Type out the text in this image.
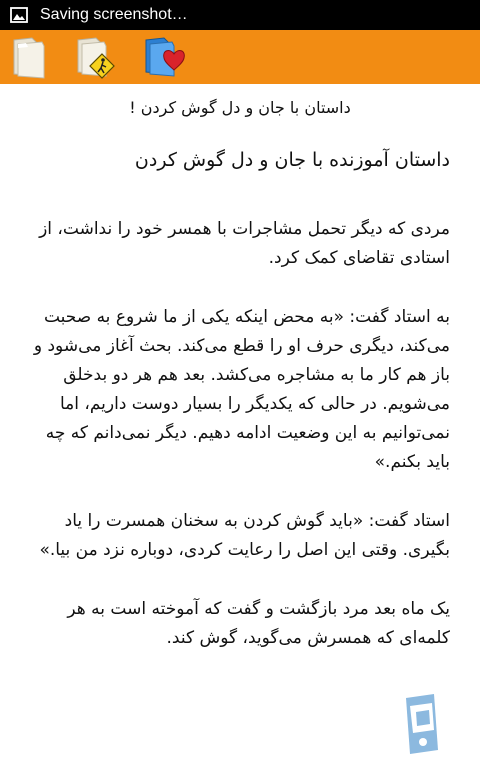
Saving screenshot…
داستان با جان و دل گوش کردن !
داستان آموزنده با جان و دل گوش کردن

مردی که دیگر تحمل مشاجرات با همسر خود را نداشت، از استادی تقاضای کمک کرد.

به استاد گفت: «به محض اینکه یکی از ما شروع به صحبت می‌کند، دیگری حرف او را قطع می‌کند. بحث آغاز می‌شود و باز هم کار ما به مشاجره می‌کشد. بعد هم هر دو بدخلق می‌شویم. در حالی که یکدیگر را بسیار دوست داریم، اما نمی‌توانیم به این وضعیت ادامه دهیم. دیگر نمی‌دانم که چه باید بکنم.»

استاد گفت: «باید گوش کردن به سخنان همسرت را یاد بگیری. وقتی این اصل را رعایت کردی، دوباره نزد من بیا.»

یک ماه بعد مرد بازگشت و گفت که آموخته است به هر کلمه‌ای که همسرش می‌گوید، گوش کند.
